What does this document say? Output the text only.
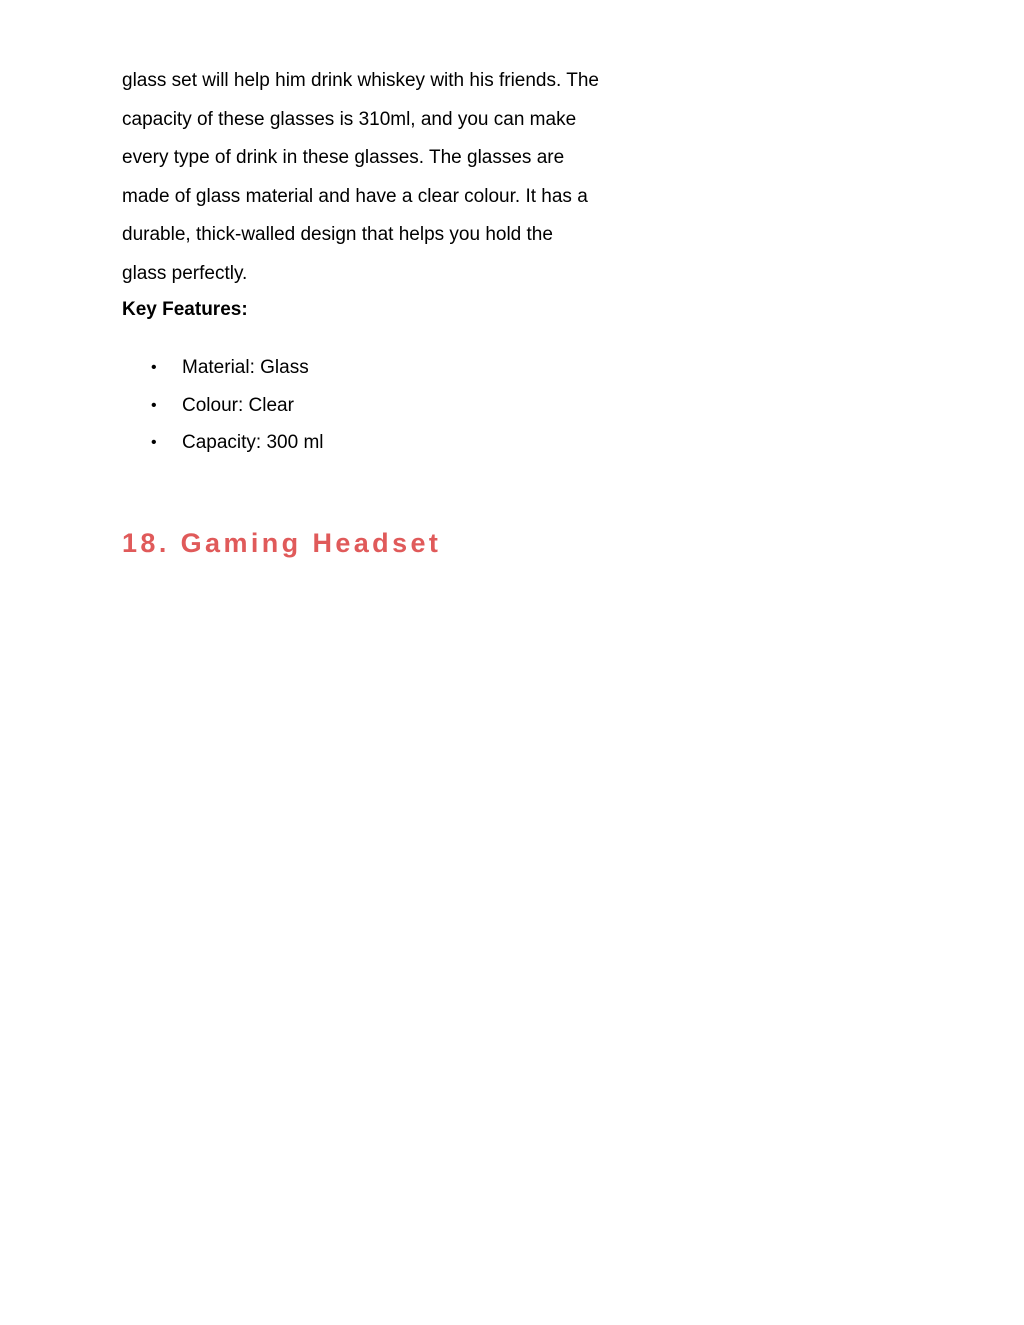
glass set will help him drink whiskey with his friends. The
capacity of these glasses is 310ml, and you can make
every type of drink in these glasses. The glasses are
made of glass material and have a clear colour. It has a
durable, thick-walled design that helps you hold the
glass perfectly.

Key Features:

• Material: Glass
• Colour: Clear
• Capacity: 300 ml
18. Gaming Headset
